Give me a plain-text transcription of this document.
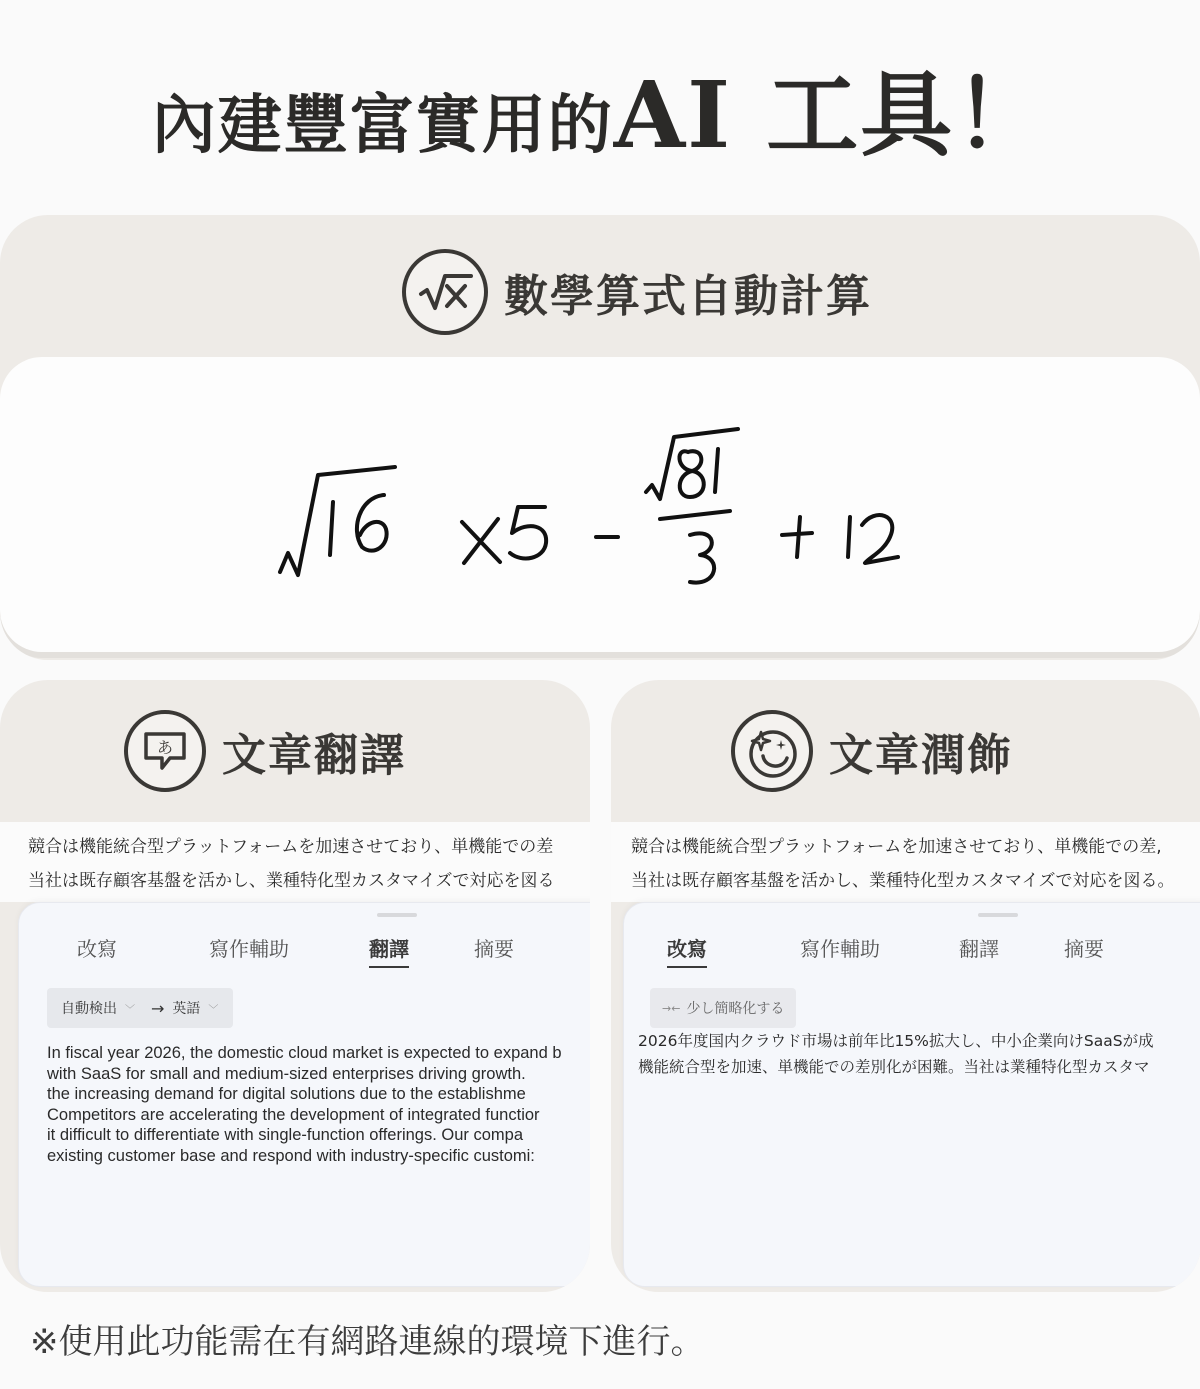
內建豐富實用的AI 工具！
數學算式自動計算
あ 文章翻譯
競合は機能統合型プラットフォームを加速させており、単機能での差
当社は既存顧客基盤を活かし、業種特化型カスタマイズで対応を図る
改寫	寫作輔助	翻譯	摘要
自動検出 ﹀ → 英語 ﹀
In fiscal year 2026, the domestic cloud market is expected to expand b
with SaaS for small and medium-sized enterprises driving growth.
the increasing demand for digital solutions due to the establishme
Competitors are accelerating the development of integrated functior
it difficult to differentiate with single-function offerings. Our compa
existing customer base and respond with industry-specific customi:
文章潤飾
競合は機能統合型プラットフォームを加速させており、単機能での差,
当社は既存顧客基盤を活かし、業種特化型カスタマイズで対応を図る。
改寫	寫作輔助	翻譯	摘要
→← 少し簡略化する
2026年度国内クラウド市場は前年比15%拡大し、中小企業向けSaaSが成
機能統合型を加速、単機能での差別化が困難。当社は業種特化型カスタマ

※使用此功能需在有網路連線的環境下進行。
